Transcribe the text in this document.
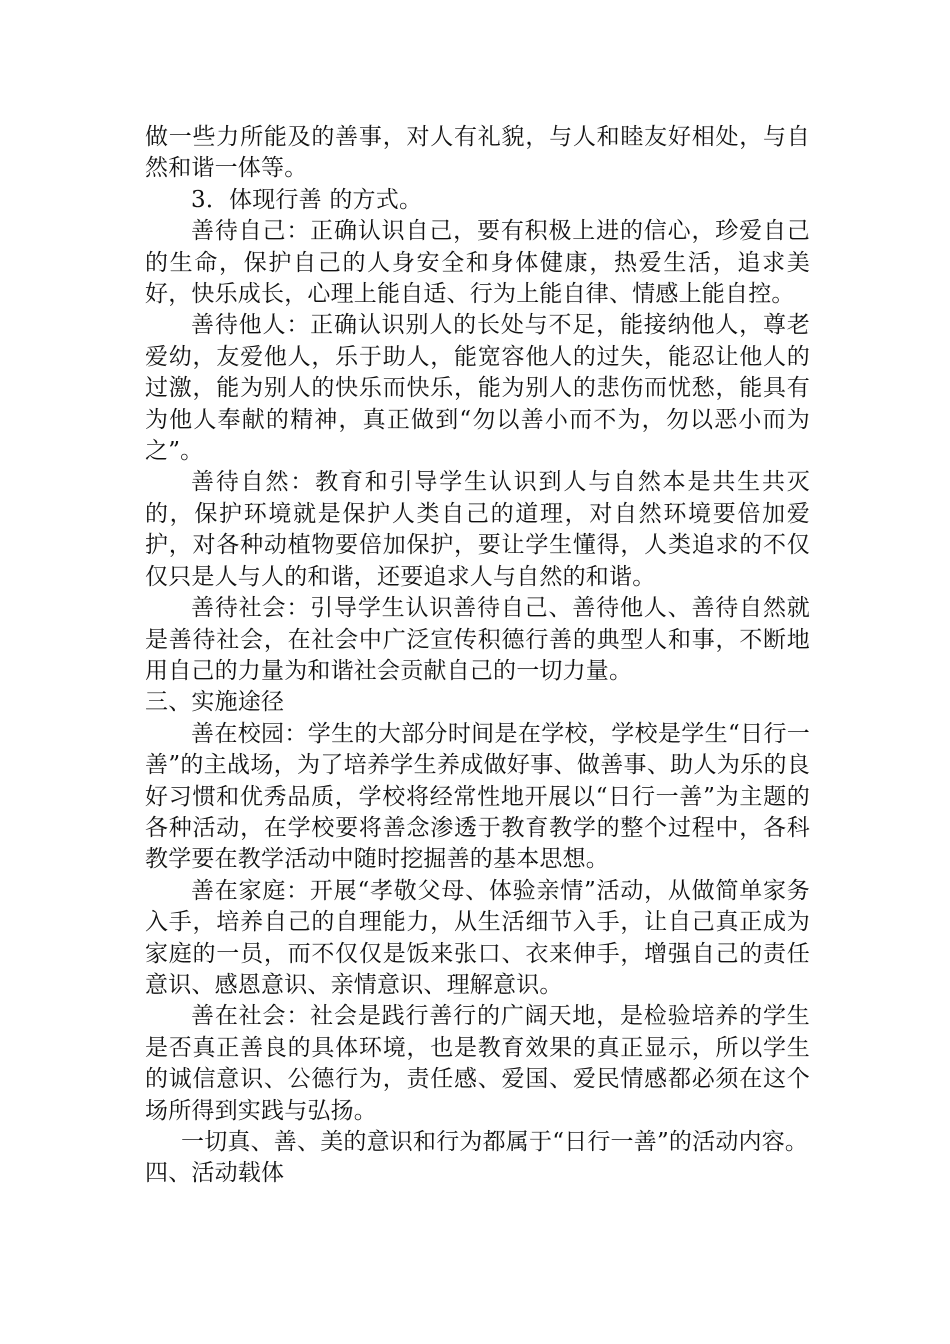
做一些力所能及的善事，对人有礼貌，与人和睦友好相处，与自然和谐一体等。

3．体现行善 的方式。

善待自己：正确认识自己，要有积极上进的信心，珍爱自己的生命，保护自己的人身安全和身体健康，热爱生活，追求美好，快乐成长，心理上能自适、行为上能自律、情感上能自控。

善待他人：正确认识别人的长处与不足，能接纳他人，尊老爱幼，友爱他人，乐于助人，能宽容他人的过失，能忍让他人的过激，能为别人的快乐而快乐，能为别人的悲伤而忧愁，能具有为他人奉献的精神，真正做到“勿以善小而不为，勿以恶小而为之”。

善待自然：教育和引导学生认识到人与自然本是共生共灭的，保护环境就是保护人类自己的道理，对自然环境要倍加爱护，对各种动植物要倍加保护，要让学生懂得，人类追求的不仅仅只是人与人的和谐，还要追求人与自然的和谐。

善待社会：引导学生认识善待自己、善待他人、善待自然就是善待社会，在社会中广泛宣传积德行善的典型人和事，不断地用自己的力量为和谐社会贡献自己的一切力量。

三、实施途径

善在校园：学生的大部分时间是在学校，学校是学生“日行一善”的主战场，为了培养学生养成做好事、做善事、助人为乐的良好习惯和优秀品质，学校将经常性地开展以“日行一善”为主题的各种活动，在学校要将善念渗透于教育教学的整个过程中，各科教学要在教学活动中随时挖掘善的基本思想。

善在家庭：开展“孝敬父母、体验亲情”活动，从做简单家务入手，培养自己的自理能力，从生活细节入手，让自己真正成为家庭的一员，而不仅仅是饭来张口、衣来伸手，增强自己的责任意识、感恩意识、亲情意识、理解意识。

善在社会：社会是践行善行的广阔天地，是检验培养的学生是否真正善良的具体环境，也是教育效果的真正显示，所以学生的诚信意识、公德行为，责任感、爱国、爱民情感都必须在这个场所得到实践与弘扬。

一切真、善、美的意识和行为都属于“日行一善”的活动内容。

四、活动载体
